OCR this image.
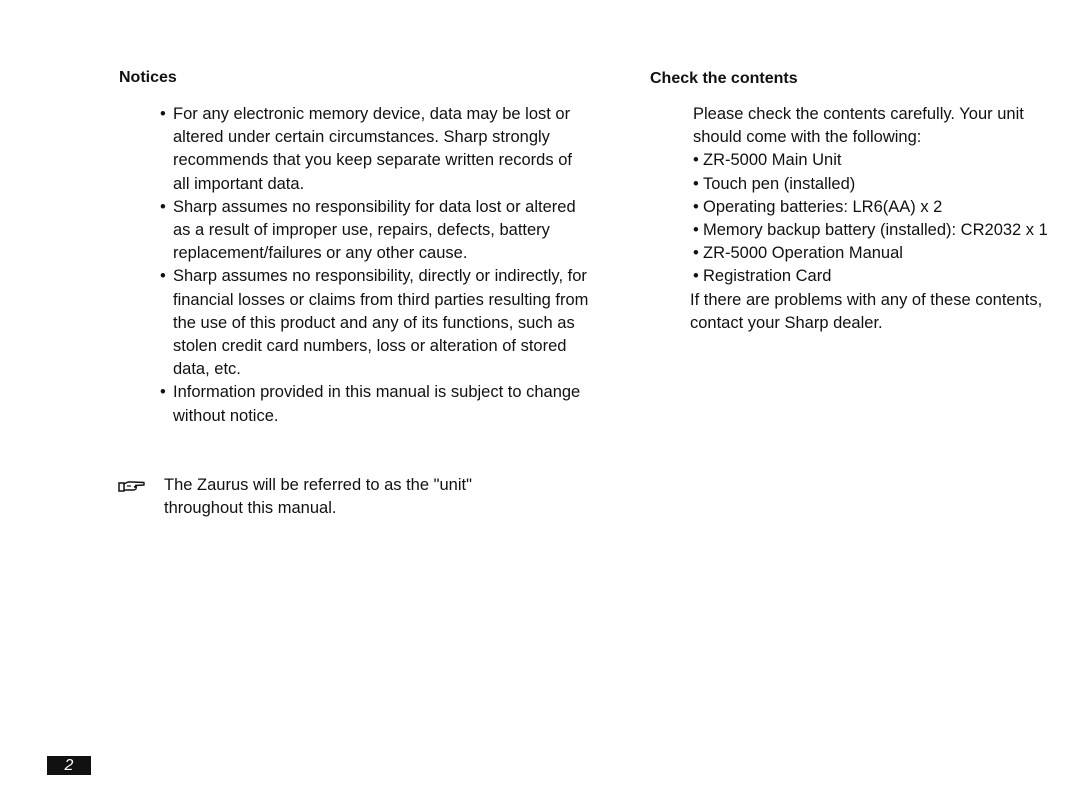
Notices
• For any electronic memory device, data may be lost or altered under certain circumstances. Sharp strongly recommends that you keep separate written records of all important data.
• Sharp assumes no responsibility for data lost or altered as a result of improper use, repairs, defects, battery replacement/failures or any other cause.
• Sharp assumes no responsibility, directly or indirectly, for financial losses or claims from third parties resulting from the use of this product and any of its functions, such as stolen credit card numbers, loss or alteration of stored data, etc.
• Information provided in this manual is subject to change without notice.
The Zaurus will be referred to as the "unit" throughout this manual.
Check the contents

Please check the contents carefully. Your unit should come with the following:

• ZR-5000 Main Unit
• Touch pen (installed)
• Operating batteries: LR6(AA) x 2
• Memory backup battery (installed): CR2032 x 1
• ZR-5000 Operation Manual
• Registration Card

If there are problems with any of these contents, contact your Sharp dealer.

2
